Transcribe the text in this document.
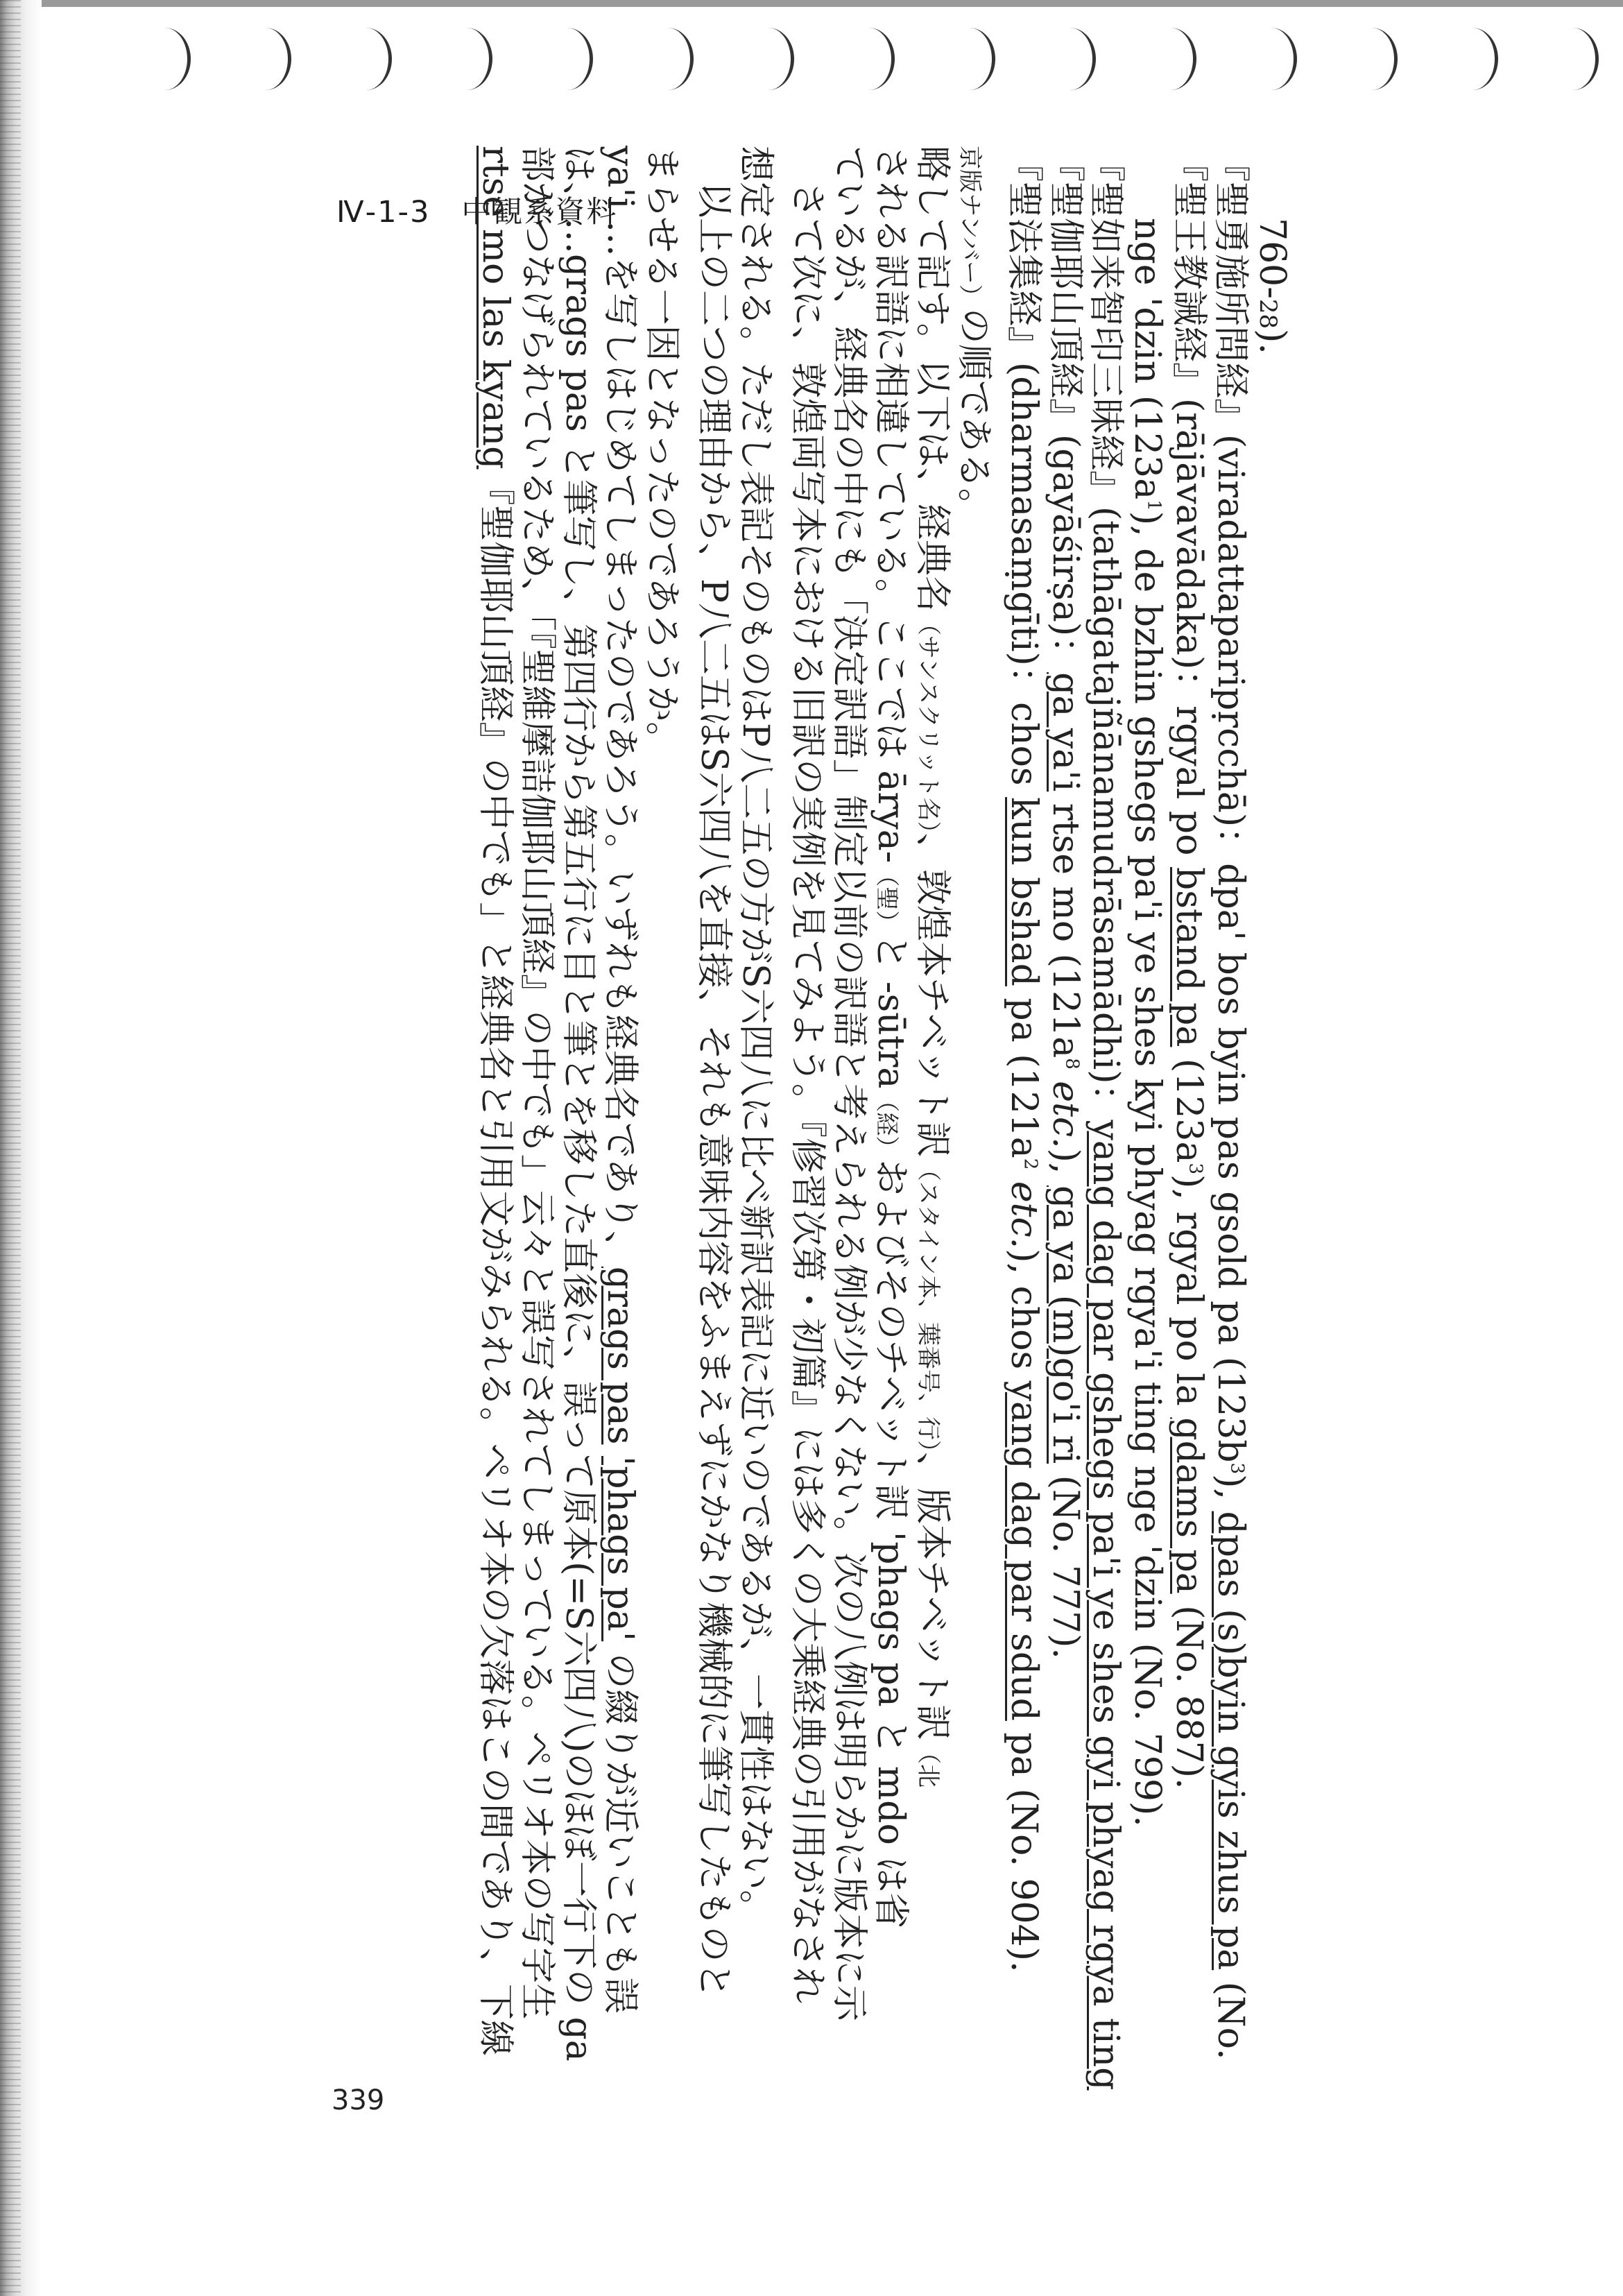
Ⅳ-1-3　中観系資料
rtse mo las kyang『聖伽耶山頂経』の中でも」と経典名と引用文がみられる。ペリオ本の欠落はこの間であり、下線 部がつなげられているため、「『聖維摩詰伽耶山頂経』の中でも」云々と誤写されてしまっている。ペリオ本の写字生 は、…grags pas と筆写し、第四行から第五行に目と筆とを移した直後に、誤って原本(=S六四八)のほぼ一行下の ga ya'i …を写しはじめてしまったのであろう。いずれも経典名であり、grags pas 'phags pa' の綴りが近いことも誤
まらせる一因となったのであろうか。 　以上の二つの理由から、P八二五はS六四八を直接、それも意味内容をふまえずにかなり機械的に筆写したものと 想定される。ただし表記そのものはP八二五の方がS六四八に比べ新訳表記に近いのであるが、一貫性はない。 　さて次に、敦煌両写本における旧訳の実例を見てみよう。『修習次第・初篇』には多くの大乗経典の引用がなされ ているが、経典名の中にも「決定訳語」制定以前の訳語と考えられる例が少なくない。次の八例は明らかに版本に示 される訳語に相違している。ここでは ārya-（聖）と -sūtra（経）およびそのチベット訳 'phags pa と mdo は省
略して記す。以下は、経典名（サンスクリット名）、敦煌本チベット訳（スタイン本、葉番号、行）、版本チベット訳（北
京版ナンバー）の順である。 『聖法集経』(dharmasaṃgīti)：chos kun bshad pa ($121a^2$ etc.), chos yang dag par sdud pa (No. 904).
『聖伽耶山頂経』(gayāśirṣa)：ga ya'i rtse mo ($121a^8$ etc.), ga ya (m)go'i ri (No. 777).
『聖如来智印三昧経』(tathāgatajñānamudrāsamādhi)：yang dag par gshegs pa'i ye shes gyi phyag rgya ting
　　nge 'dzin $(123a^1)$, de bzhin gshegs pa'i ye shes kyi phyag rgya'i ting nge 'dzin (No. 799).
『聖王教誡経』(rājāvavādaka)：rgyal po bstand pa $(123a^3)$, rgyal po la gdams pa (No. 887).
『聖勇施所問経』(viradattaparipṛcchā)：dpa' bos byin pas gsold pa $(123b^3)$, dpas (s)byin gyis zhus pa (No.
　　760-28).
339
